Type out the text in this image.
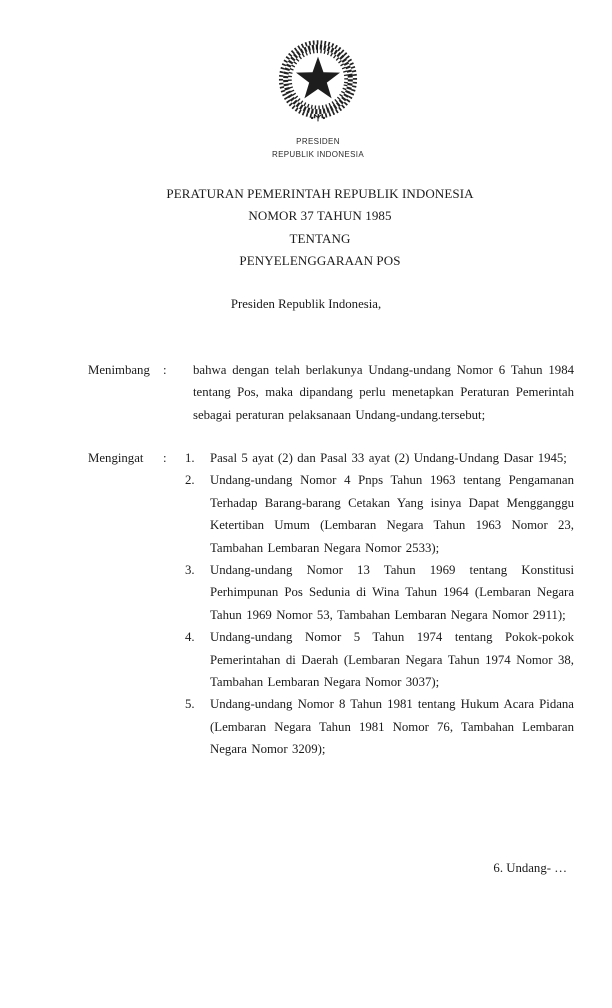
PRESIDEN
REPUBLIK INDONESIA
PERATURAN PEMERINTAH REPUBLIK INDONESIA
NOMOR 37 TAHUN 1985
TENTANG
PENYELENGGARAAN POS
Presiden Republik Indonesia,
Menimbang : bahwa dengan telah berlakunya Undang-undang Nomor 6 Tahun 1984 tentang Pos, maka dipandang perlu menetapkan Peraturan Pemerintah sebagai peraturan pelaksanaan Undang-undang.tersebut;
Mengingat : 1.	Pasal 5 ayat (2) dan Pasal 33 ayat (2) Undang-Undang Dasar 1945;
2.	Undang-undang Nomor 4 Pnps Tahun 1963 tentang Pengamanan Terhadap Barang-barang Cetakan Yang isinya Dapat Mengganggu Ketertiban Umum (Lembaran Negara Tahun 1963 Nomor 23, Tambahan Lembaran Negara Nomor 2533);
3.	Undang-undang Nomor 13 Tahun 1969 tentang Konstitusi Perhimpunan Pos Sedunia di Wina Tahun 1964 (Lembaran Negara Tahun 1969 Nomor 53, Tambahan Lembaran Negara Nomor 2911);
4.	Undang-undang Nomor 5 Tahun 1974 tentang Pokok-pokok Pemerintahan di Daerah (Lembaran Negara Tahun 1974 Nomor 38, Tambahan Lembaran Negara Nomor 3037);
5.	Undang-undang Nomor 8 Tahun 1981 tentang Hukum Acara Pidana (Lembaran Negara Tahun 1981 Nomor 76, Tambahan Lembaran Negara Nomor 3209);
6. Undang- …
